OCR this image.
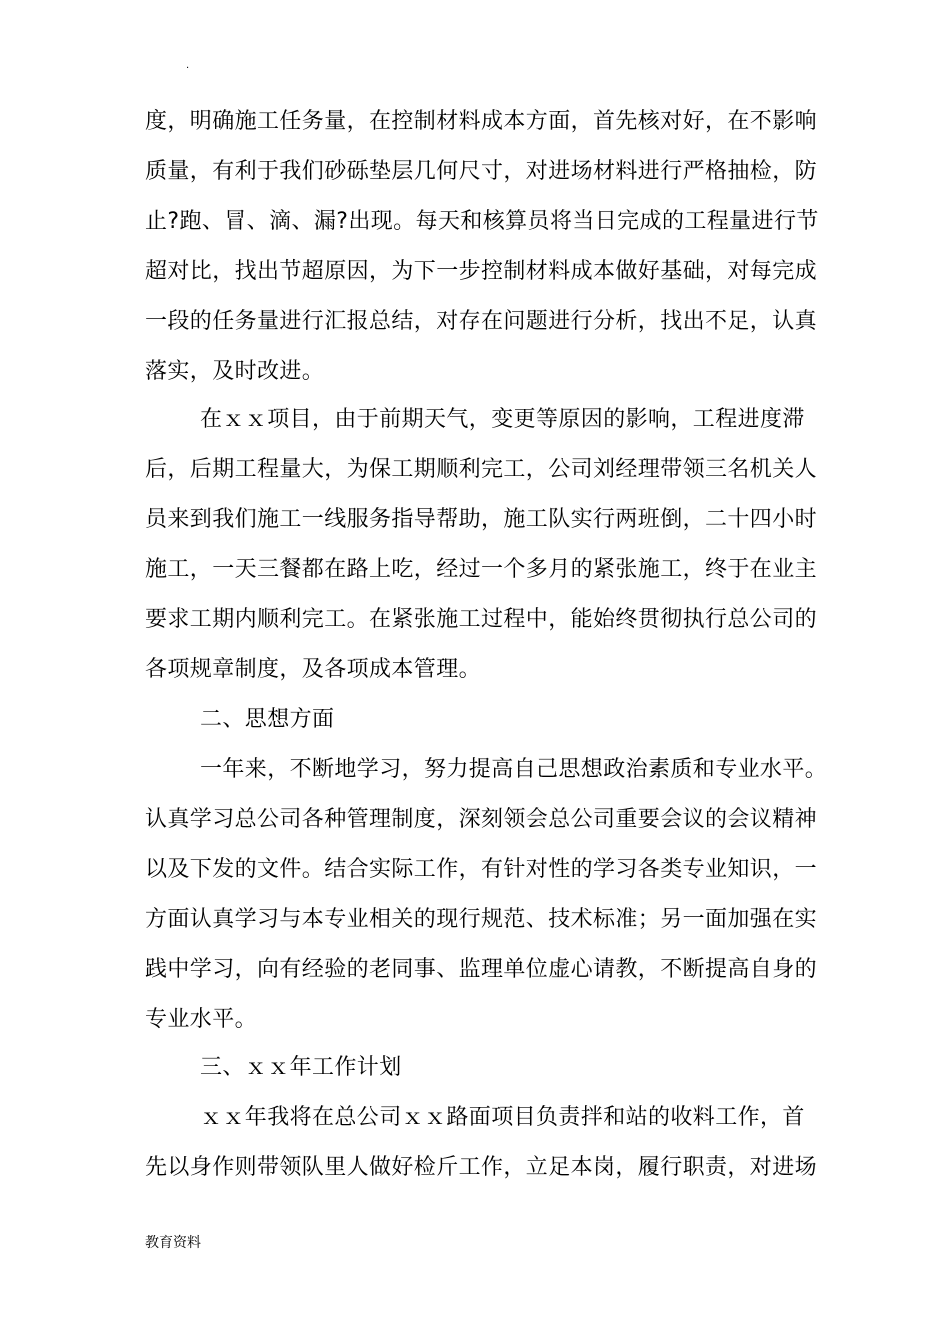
.
度，明确施工任务量，在控制材料成本方面，首先核对好，在不影响
质量，有利于我们砂砾垫层几何尺寸，对进场材料进行严格抽检，防
止?跑、冒、滴、漏?出现。每天和核算员将当日完成的工程量进行节
超对比，找出节超原因，为下一步控制材料成本做好基础，对每完成
一段的任务量进行汇报总结，对存在问题进行分析，找出不足，认真
落实，及时改进。
在ｘｘ项目，由于前期天气，变更等原因的影响，工程进度滞
后，后期工程量大，为保工期顺利完工，公司刘经理带领三名机关人
员来到我们施工一线服务指导帮助，施工队实行两班倒，二十四小时
施工，一天三餐都在路上吃，经过一个多月的紧张施工，终于在业主
要求工期内顺利完工。在紧张施工过程中，能始终贯彻执行总公司的
各项规章制度，及各项成本管理。
二、思想方面
一年来，不断地学习，努力提高自己思想政治素质和专业水平。
认真学习总公司各种管理制度，深刻领会总公司重要会议的会议精神
以及下发的文件。结合实际工作，有针对性的学习各类专业知识，一
方面认真学习与本专业相关的现行规范、技术标准；另一面加强在实
践中学习，向有经验的老同事、监理单位虚心请教，不断提高自身的
专业水平。
三、ｘｘ年工作计划
ｘｘ年我将在总公司ｘｘ路面项目负责拌和站的收料工作，首
先以身作则带领队里人做好检斤工作，立足本岗，履行职责，对进场
教育资料
